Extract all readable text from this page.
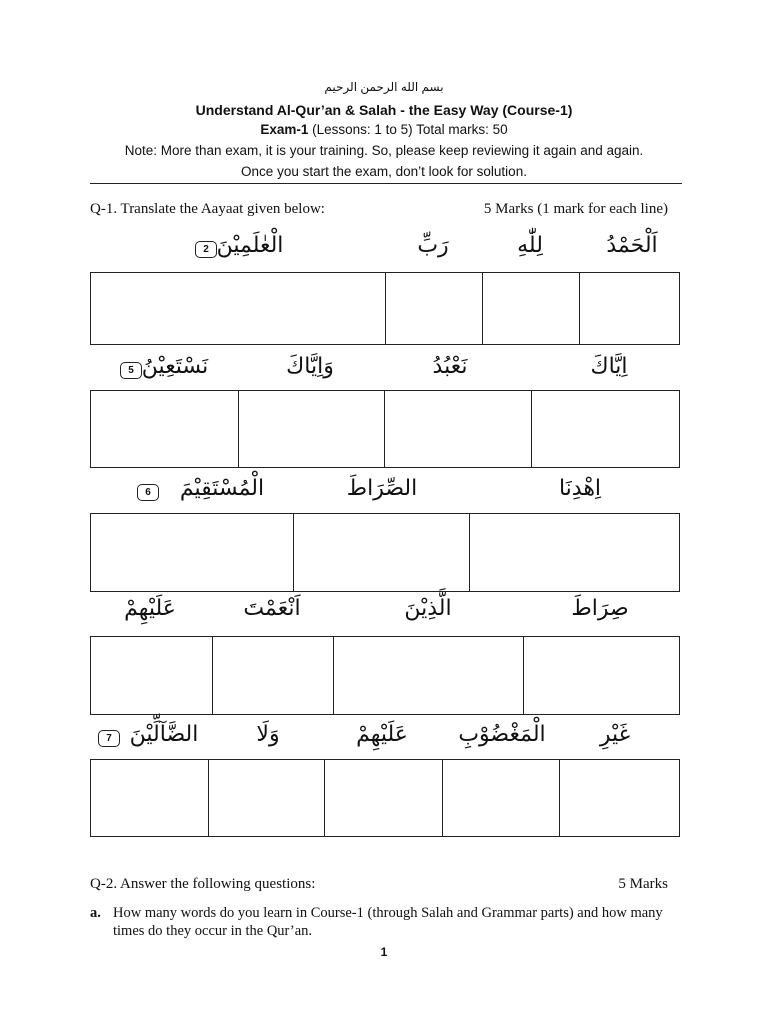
بسم الله الرحمن الرحيم
Understand Al-Qur’an & Salah - the Easy Way (Course-1)
Exam-1 (Lessons: 1 to 5) Total marks: 50
Note: More than exam, it is your training. So, please keep reviewing it again and again.
Once you start the exam, don’t look for solution.
Q-1. Translate the Aayaat given below:	5 Marks (1 mark for each line)
اَلْحَمْدُ
لِلّٰهِ
رَبِّ
الْعٰلَمِيْنَ
2
اِيَّاكَ
نَعْبُدُ
وَاِيَّاكَ
نَسْتَعِيْنُ
5
اِهْدِنَا
الصِّرَاطَ
الْمُسْتَقِيْمَ
6
صِرَاطَ
الَّذِيْنَ
اَنْعَمْتَ
عَلَيْهِمْ
غَيْرِ
الْمَغْضُوْبِ
عَلَيْهِمْ
وَلَا
الضَّآلِّيْنَ
7
Q-2. Answer the following questions:	5 Marks
a. How many words do you learn in Course-1 (through Salah and Grammar parts) and how many times do they occur in the Qur’an.
1
